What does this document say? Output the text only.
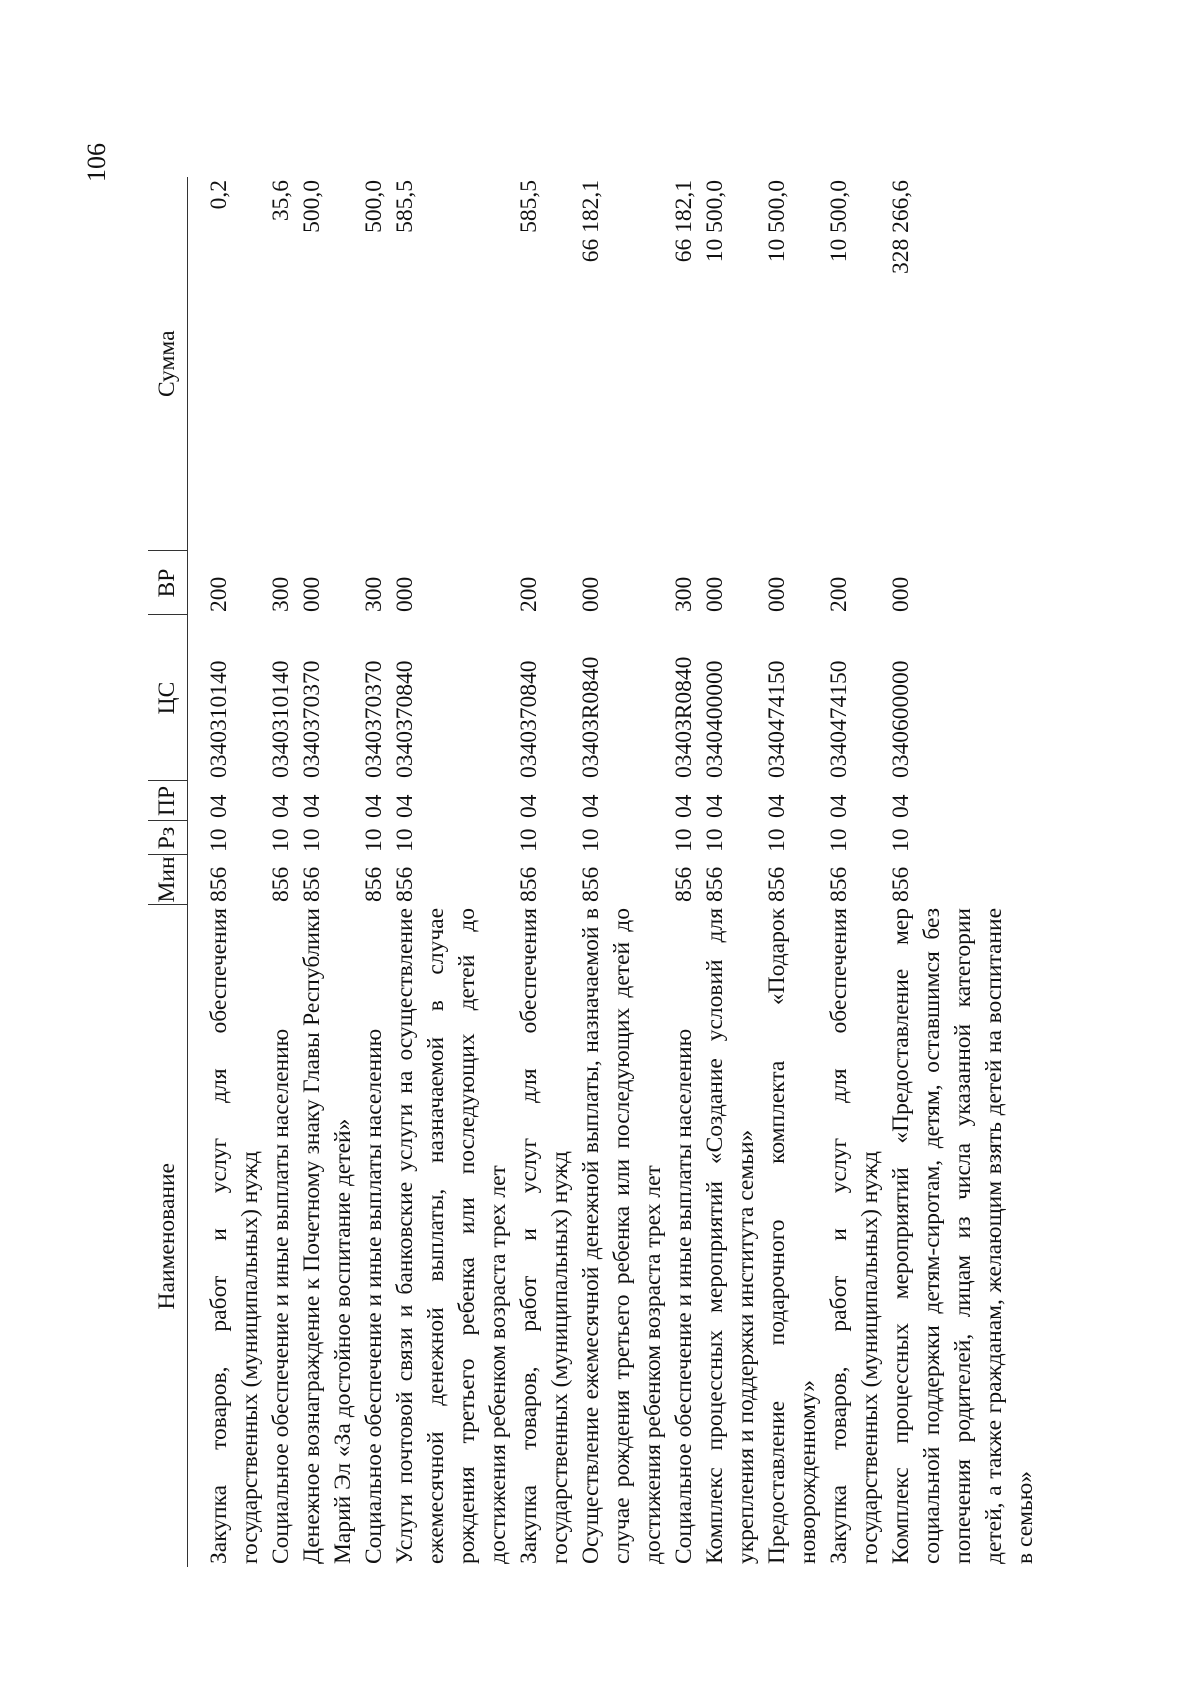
106
Наименование	Мин	Рз	ПР	ЦС	ВР	Сумма
Закупка товаров, работ и услуг для обеспечения государственных (муниципальных) нужд	856	10	04	0340310140	200	0,2
Социальное обеспечение и иные выплаты населению	856	10	04	0340310140	300	35,6
Денежное вознаграждение к Почетному знаку Главы Республики Марий Эл «За достойное воспитание детей»	856	10	04	0340370370	000	500,0
Социальное обеспечение и иные выплаты населению	856	10	04	0340370370	300	500,0
Услуги почтовой связи и банковские услуги на осуществление ежемесячной денежной выплаты, назначаемой в случае рождения третьего ребенка или последующих детей до достижения ребенком возраста трех лет	856	10	04	0340370840	000	585,5
Закупка товаров, работ и услуг для обеспечения государственных (муниципальных) нужд	856	10	04	0340370840	200	585,5
Осуществление ежемесячной денежной выплаты, назначаемой в случае рождения третьего ребенка или последующих детей до достижения ребенком возраста трех лет	856	10	04	03403R0840	000	66 182,1
Социальное обеспечение и иные выплаты населению	856	10	04	03403R0840	300	66 182,1
Комплекс процессных мероприятий «Создание условий для укрепления и поддержки института семьи»	856	10	04	0340400000	000	10 500,0
Предоставление подарочного комплекта «Подарок новорожденному»	856	10	04	0340474150	000	10 500,0
Закупка товаров, работ и услуг для обеспечения государственных (муниципальных) нужд	856	10	04	0340474150	200	10 500,0
Комплекс процессных мероприятий «Предоставление мер социальной поддержки детям-сиротам, детям, оставшимся без попечения родителей, лицам из числа указанной категории детей, а также гражданам, желающим взять детей на воспитание в семью»	856	10	04	0340600000	000	328 266,6
